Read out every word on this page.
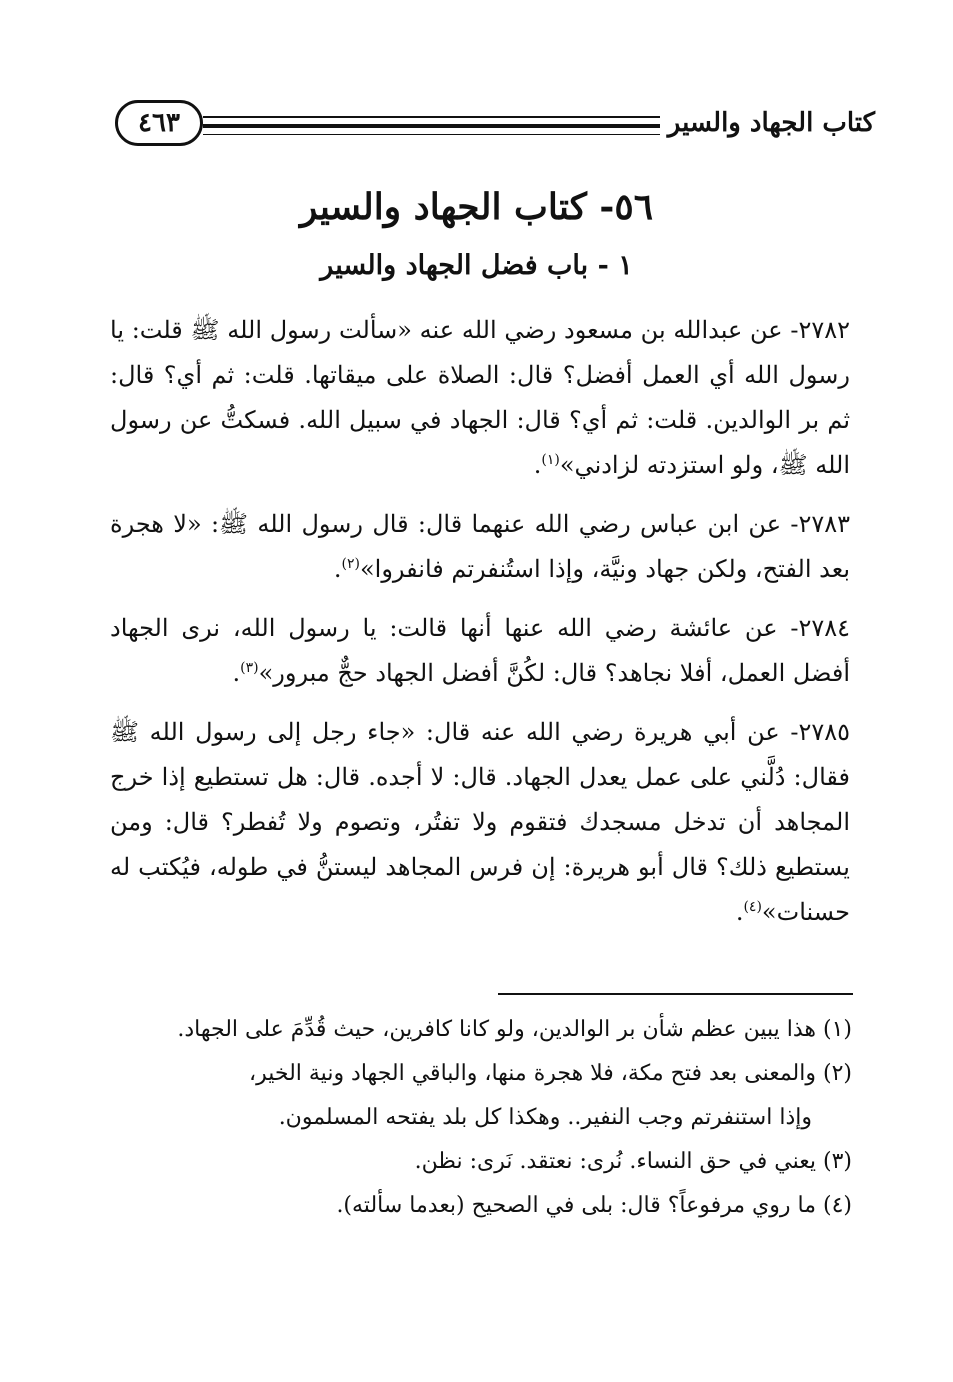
كتاب الجهاد والسير
٤٦٣
٥٦- كتاب الجهاد والسير
١ - باب فضل الجهاد والسير

٢٧٨٢- عن عبدالله بن مسعود رضي الله عنه «سألت رسول الله ﷺ قلت: يا رسول الله أي العمل أفضل؟ قال: الصلاة على ميقاتها. قلت: ثم أي؟ قال: ثم بر الوالدين. قلت: ثم أي؟ قال: الجهاد في سبيل الله. فسكتُّ عن رسول الله ﷺ، ولو استزدته لزادني»$^{(١)}$.

٢٧٨٣- عن ابن عباس رضي الله عنهما قال: قال رسول الله ﷺ: «لا هجرة بعد الفتح، ولكن جهاد ونيَّة، وإذا استُنفرتم فانفروا»$^{(٢)}$.

٢٧٨٤- عن عائشة رضي الله عنها أنها قالت: يا رسول الله، نرى الجهاد أفضل العمل، أفلا نجاهد؟ قال: لكُنَّ أفضل الجهاد حجٌّ مبرور»$^{(٣)}$.

٢٧٨٥- عن أبي هريرة رضي الله عنه قال: «جاء رجل إلى رسول الله ﷺ فقال: دُلَّني على عمل يعدل الجهاد. قال: لا أجده. قال: هل تستطيع إذا خرج المجاهد أن تدخل مسجدك فتقوم ولا تفتُر، وتصوم ولا تُفطر؟ قال: ومن يستطيع ذلك؟ قال أبو هريرة: إن فرس المجاهد ليستنُّ في طوله، فيُكتب له حسنات»$^{(٤)}$.

(١) هذا يبين عظم شأن بر الوالدين، ولو كانا كافرين، حيث قُدِّمَ على الجهاد.

(٢) والمعنى بعد فتح مكة، فلا هجرة منها، والباقي الجهاد ونية الخير،

وإذا استنفرتم وجب النفير.. وهكذا كل بلد يفتحه المسلمون.

(٣) يعني في حق النساء. نُرى: نعتقد. نَرى: نظن.

(٤) ما روي مرفوعاً؟ قال: بلى في الصحيح (بعدما سألته).
